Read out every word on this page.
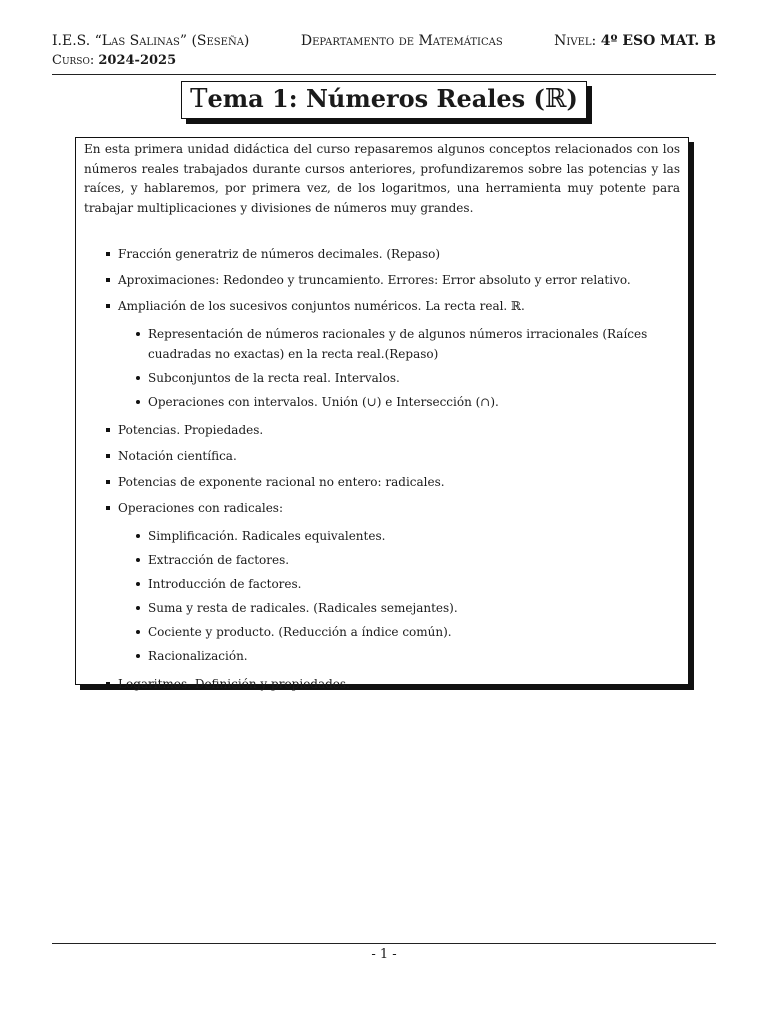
I.E.S. “Las Salinas” (Seseña)	Departamento de Matemáticas	Nivel: 4º ESO MAT. B
Curso: 2024-2025
Tema 1: Números Reales (ℝ)

En esta primera unidad didáctica del curso repasaremos algunos conceptos relacionados con los números reales trabajados durante cursos anteriores, profundizaremos sobre las potencias y las raíces, y hablaremos, por primera vez, de los logaritmos, una herramienta muy potente para trabajar multiplicaciones y divisiones de números muy grandes.

Fracción generatriz de números decimales. (Repaso)
Aproximaciones: Redondeo y truncamiento. Errores: Error absoluto y error relativo.
Ampliación de los sucesivos conjuntos numéricos. La recta real. ℝ.
Representación de números racionales y de algunos números irracionales (Raíces cuadradas no exactas) en la recta real.(Repaso)
Subconjuntos de la recta real. Intervalos.
Operaciones con intervalos. Unión (∪) e Intersección (∩).
Potencias. Propiedades.
Notación científica.
Potencias de exponente racional no entero: radicales.
Operaciones con radicales:
Simplificación. Radicales equivalentes.
Extracción de factores.
Introducción de factores.
Suma y resta de radicales. (Radicales semejantes).
Cociente y producto. (Reducción a índice común).
Racionalización.
Logaritmos. Definición y propiedades.
- 1 -
